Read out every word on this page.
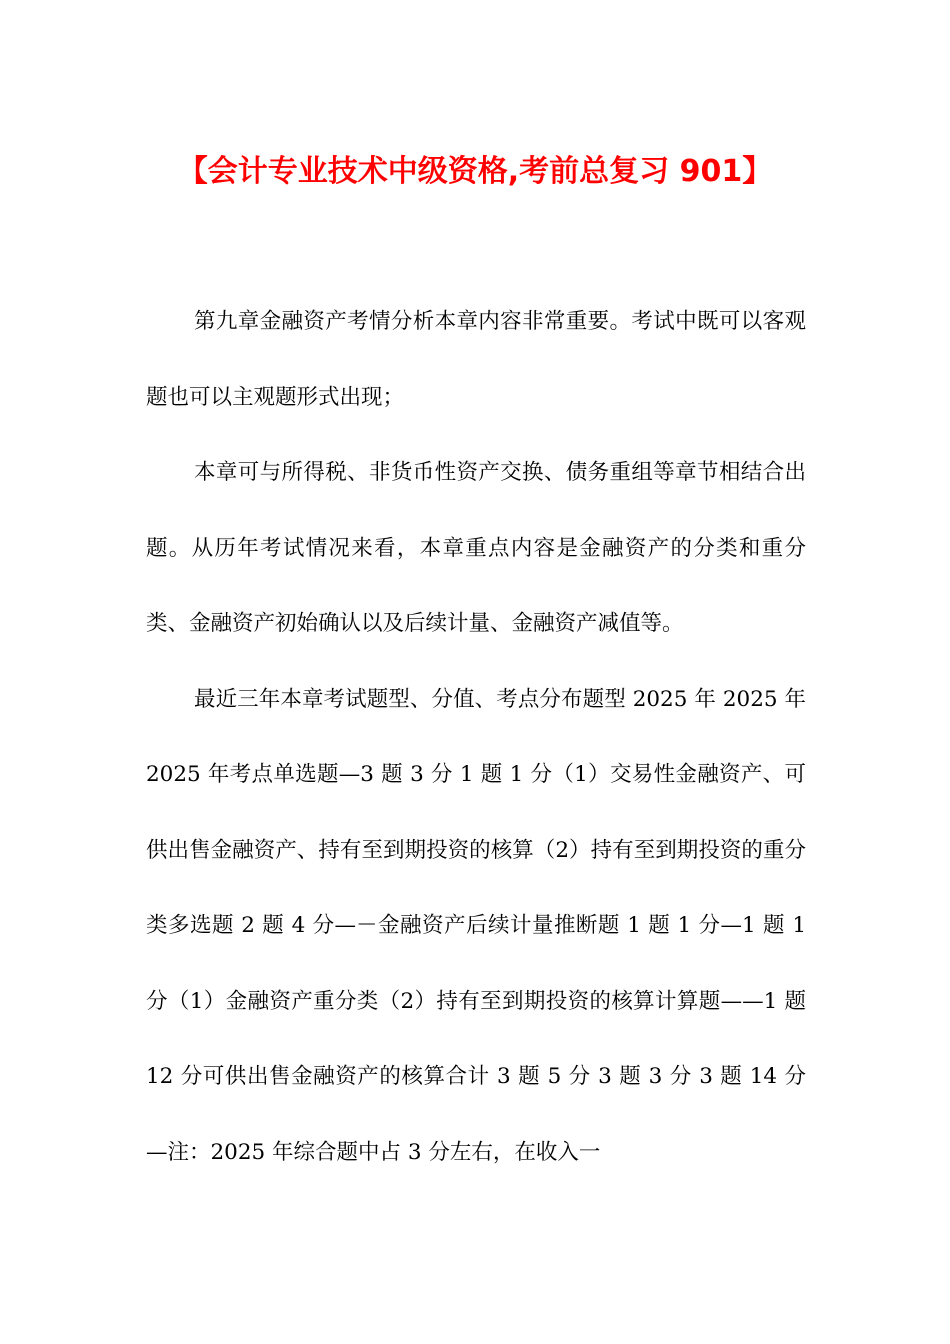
【会计专业技术中级资格,考前总复习 901】

第九章金融资产考情分析本章内容非常重要。考试中既可以客观题也可以主观题形式出现；

本章可与所得税、非货币性资产交换、债务重组等章节相结合出题。从历年考试情况来看，本章重点内容是金融资产的分类和重分类、金融资产初始确认以及后续计量、金融资产减值等。

最近三年本章考试题型、分值、考点分布题型 2025 年 2025 年 2025 年考点单选题—3 题 3 分 1 题 1 分（1）交易性金融资产、可供出售金融资产、持有至到期投资的核算（2）持有至到期投资的重分类多选题 2 题 4 分—－金融资产后续计量推断题 1 题 1 分—1 题 1 分（1）金融资产重分类（2）持有至到期投资的核算计算题——1 题 12 分可供出售金融资产的核算合计 3 题 5 分 3 题 3 分 3 题 14 分—注：2025 年综合题中占 3 分左右，在收入一
